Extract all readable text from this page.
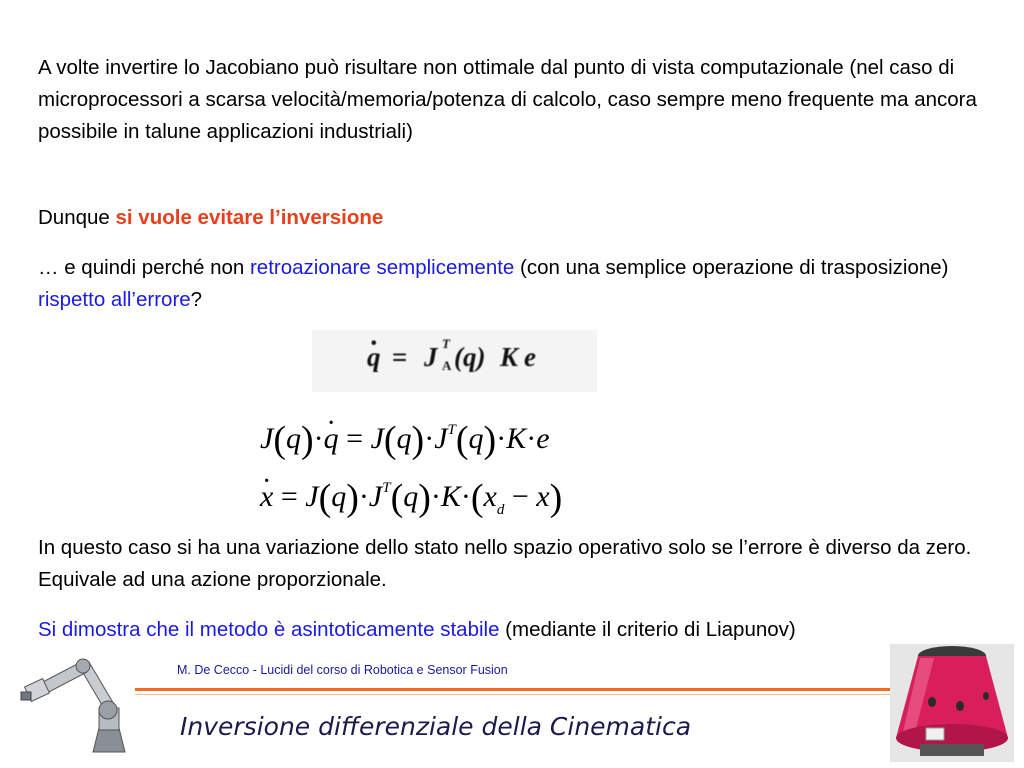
A volte invertire lo Jacobiano può risultare non ottimale dal punto di vista computazionale (nel caso di microprocessori a scarsa velocità/memoria/potenza di calcolo, caso sempre meno frequente ma ancora possibile in talune applicazioni industriali)

Dunque si vuole evitare l’inversione

… e quindi perché non retroazionare semplicemente (con una semplice operazione di trasposizione) rispetto all’errore?

q · = J T
A (q) K e
J(q)·q · = $J(q)\cdot J^T(q)\cdot K\cdot e$
x · = $J(q)\cdot J^T(q)\cdot K\cdot(x_d - x)$

In questo caso si ha una variazione dello stato nello spazio operativo solo se l’errore è diverso da zero. Equivale ad una azione proporzionale.

Si dimostra che il metodo è asintoticamente stabile (mediante il criterio di Liapunov)

M. De Cecco - Lucidi del corso di Robotica e Sensor Fusion
Inversione differenziale della Cinematica
